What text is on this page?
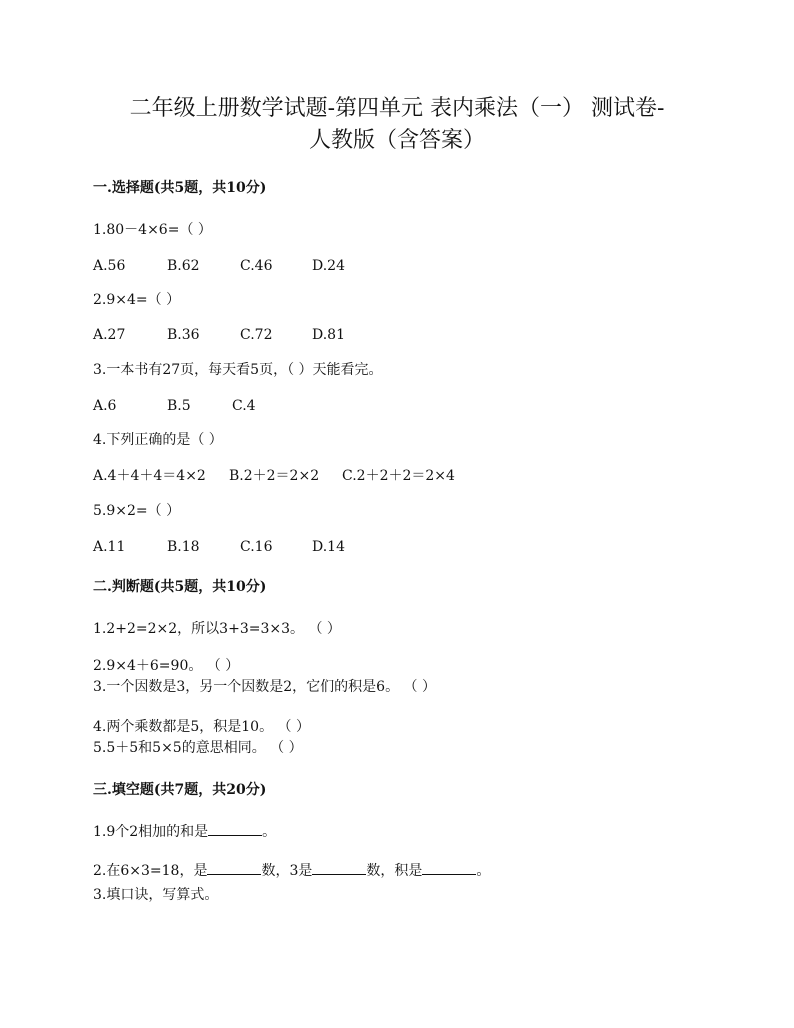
二年级上册数学试题-第四单元 表内乘法（一） 测试卷-
人教版（含答案）
一.选择题(共5题，共10分)
1.80－4×6=（ ）
A.56	B.62	C.46	D.24
2.9×4=（ ）
A.27	B.36	C.72	D.81
3.一本书有27页，每天看5页，（ ）天能看完。
A.6	B.5	C.4
4.下列正确的是（ ）
A.4＋4＋4＝4×2 B.2＋2＝2×2 C.2＋2＋2＝2×4
5.9×2=（ ）
A.11	B.18	C.16	D.14
二.判断题(共5题，共10分)
1.2+2=2×2，所以3+3=3×3。 （ ）
2.9×4＋6=90。 （ ）
3.一个因数是3，另一个因数是2，它们的积是6。 （ ）
4.两个乘数都是5，积是10。 （ ）
5.5＋5和5×5的意思相同。 （ ）
三.填空题(共7题，共20分)
1.9个2相加的和是	。
2.在6×3=18，是	数，3是	数，积是	。
3.填口诀，写算式。
